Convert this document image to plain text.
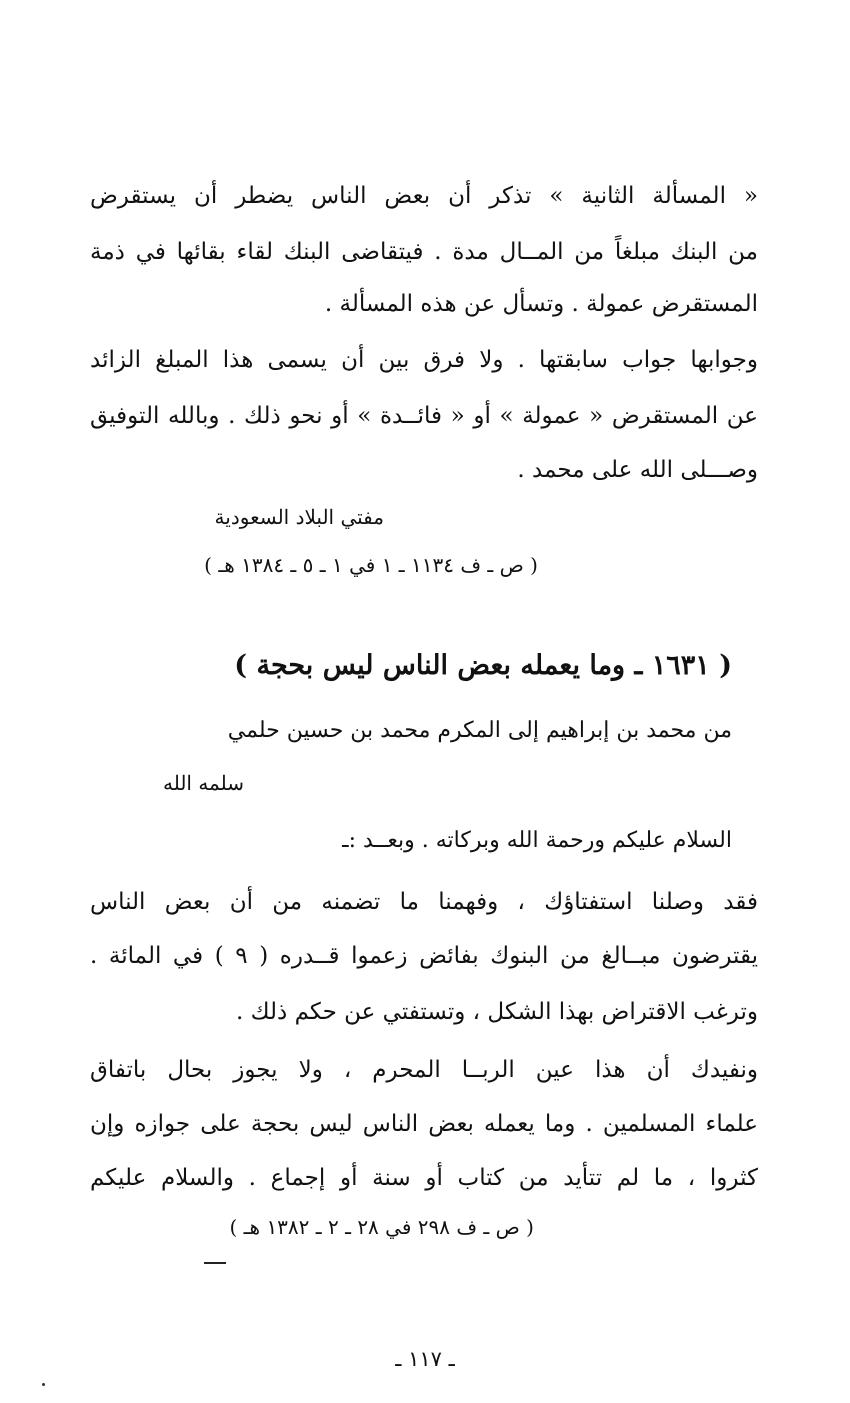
« المسألة الثانية » تذكر أن بعض الناس يضطر أن يستقرض
من البنك مبلغاً من المــال مدة . فيتقاضى البنك لقاء بقائها في ذمة
المستقرض عمولة . وتسأل عن هذه المسألة .
وجوابها جواب سابقتها . ولا فرق بين أن يسمى هذا المبلغ الزائد
عن المستقرض « عمولة » أو « فائــدة » أو نحو ذلك . وبالله التوفيق
وصـــلى الله على محمد .
مفتي البلاد السعودية
( ص ـ ف ١١٣٤ ـ ١ في ١ ـ ٥ ـ ١٣٨٤ هـ )
( ١٦٣١ ـ وما يعمله بعض الناس ليس بحجة )
من محمد بن إبراهيم إلى المكرم محمد بن حسين حلمي
سلمه الله
السلام عليكم ورحمة الله وبركاته . وبعــد :ـ
فقد وصلنا استفتاؤك ، وفهمنا ما تضمنه من أن بعض الناس
يقترضون مبــالغ من البنوك بفائض زعموا قــدره ( ٩ ) في المائة .
وترغب الاقتراض بهذا الشكل ، وتستفتي عن حكم ذلك .
ونفيدك أن هذا عين الربــا المحرم ، ولا يجوز بحال باتفاق
علماء المسلمين . وما يعمله بعض الناس ليس بحجة على جوازه وإن
كثروا ، ما لم تتأيد من كتاب أو سنة أو إجماع . والسلام عليكم
( ص ـ ف ٢٩٨ في ٢٨ ـ ٢ ـ ١٣٨٢ هـ )
ـ ١١٧ ـ
